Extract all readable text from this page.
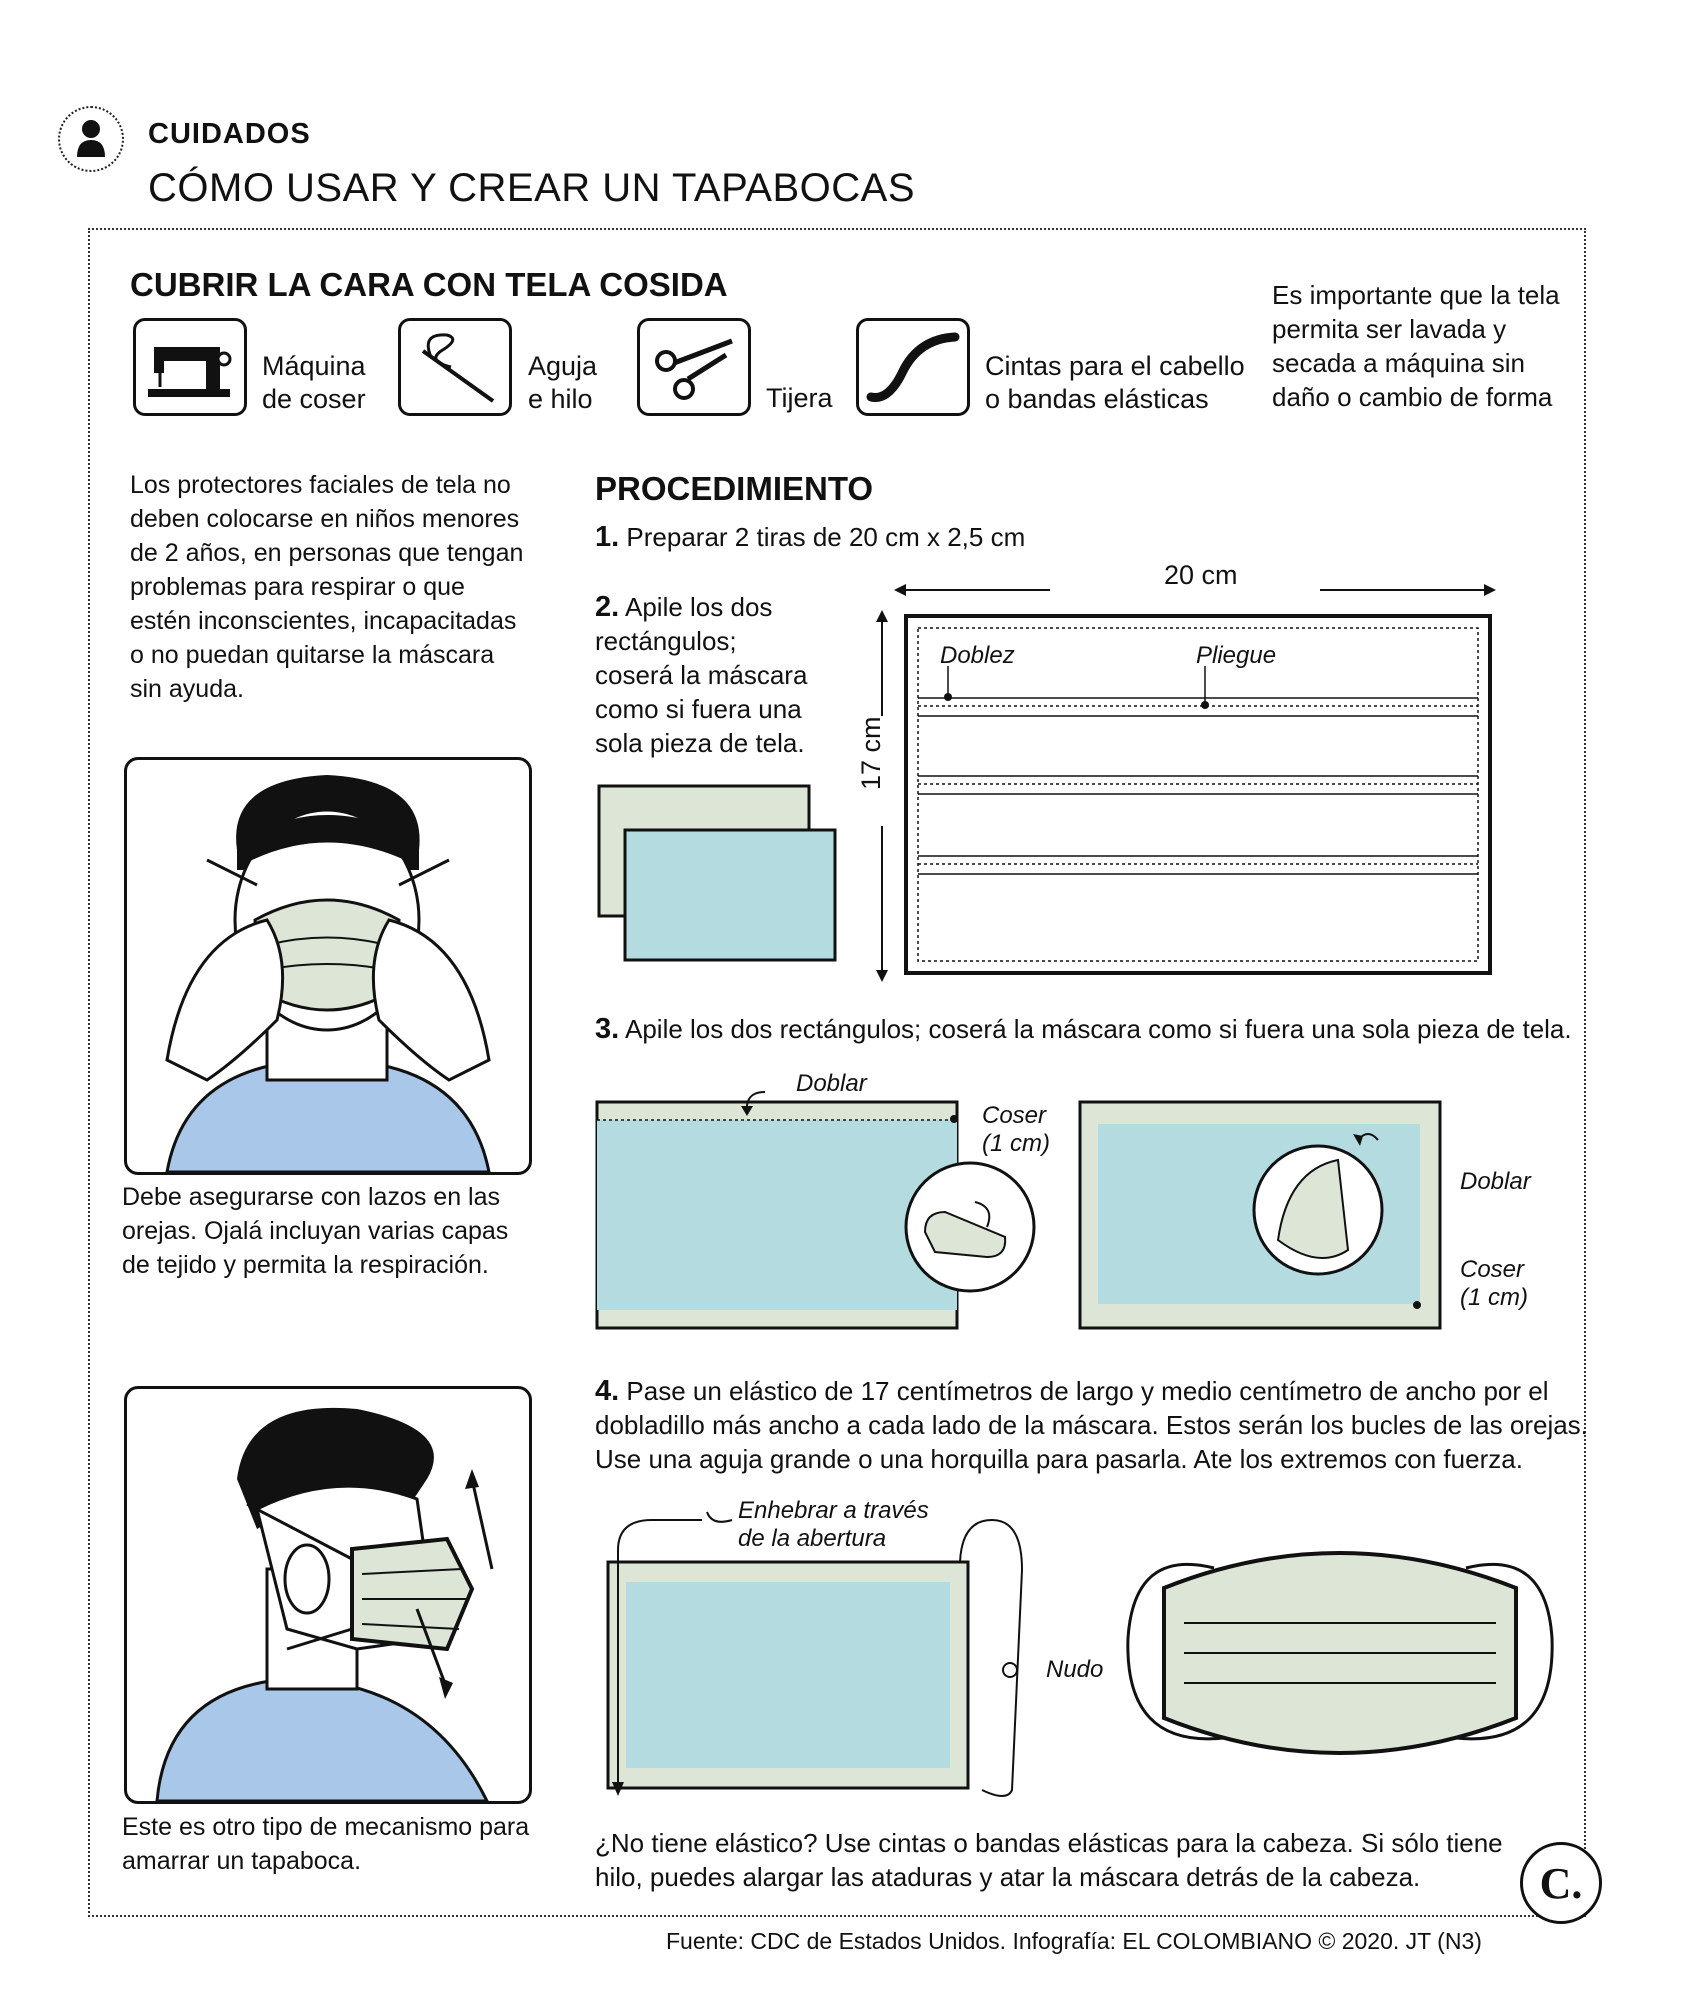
CUIDADOS
CÓMO USAR Y CREAR UN TAPABOCAS
CUBRIR LA CARA CON TELA COSIDA
Máquina
de coser
Aguja
e hilo	Tijera
Cintas para el cabello
o bandas elásticas
Es importante que la tela
permita ser lavada y
secada a máquina sin
daño o cambio de forma
Los protectores faciales de tela no
deben colocarse en niños menores
de 2 años, en personas que tengan
problemas para respirar o que
estén inconscientes, incapacitadas
o no puedan quitarse la máscara
sin ayuda.
Debe asegurarse con lazos en las
orejas. Ojalá incluyan varias capas
de tejido y permita la respiración.
Este es otro tipo de mecanismo para
amarrar un tapaboca.
PROCEDIMIENTO
1. Preparar 2 tiras de 20 cm x 2,5 cm
2. Apile los dos
rectángulos;
coserá la máscara
como si fuera una
sola pieza de tela.
20 cm
17 cm
Doblez	Pliegue
3. Apile los dos rectángulos; coserá la máscara como si fuera una sola pieza de tela.
Doblar
Coser
(1 cm)
Doblar
Coser
(1 cm)
4. Pase un elástico de 17 centímetros de largo y medio centímetro de ancho por el
dobladillo más ancho a cada lado de la máscara. Estos serán los bucles de las orejas.
Use una aguja grande o una horquilla para pasarla. Ate los extremos con fuerza.
Enhebrar a través
de la abertura
Nudo
¿No tiene elástico? Use cintas o bandas elásticas para la cabeza. Si sólo tiene
hilo, puedes alargar las ataduras y atar la máscara detrás de la cabeza.	C.
Fuente: CDC de Estados Unidos. Infografía: EL COLOMBIANO © 2020. JT (N3)
